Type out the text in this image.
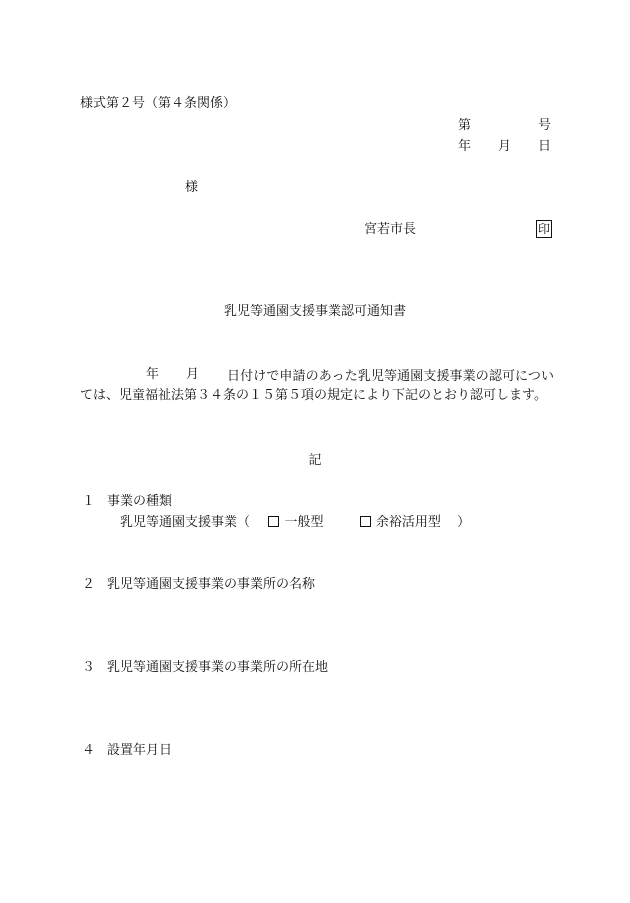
様式第２号（第４条関係）
第	号
年 月 日
様
宮若市長	印
乳児等通園支援事業認可通知書
年 月	日付けで申請のあった乳児等通園支援事業の認可については、児童福祉法第３４条の１５第５項の規定により下記のとおり認可します。
記
１ 事業の種類
乳児等通園支援事業（	一般型	余裕活用型 ）
２ 乳児等通園支援事業の事業所の名称
３ 乳児等通園支援事業の事業所の所在地
４ 設置年月日
